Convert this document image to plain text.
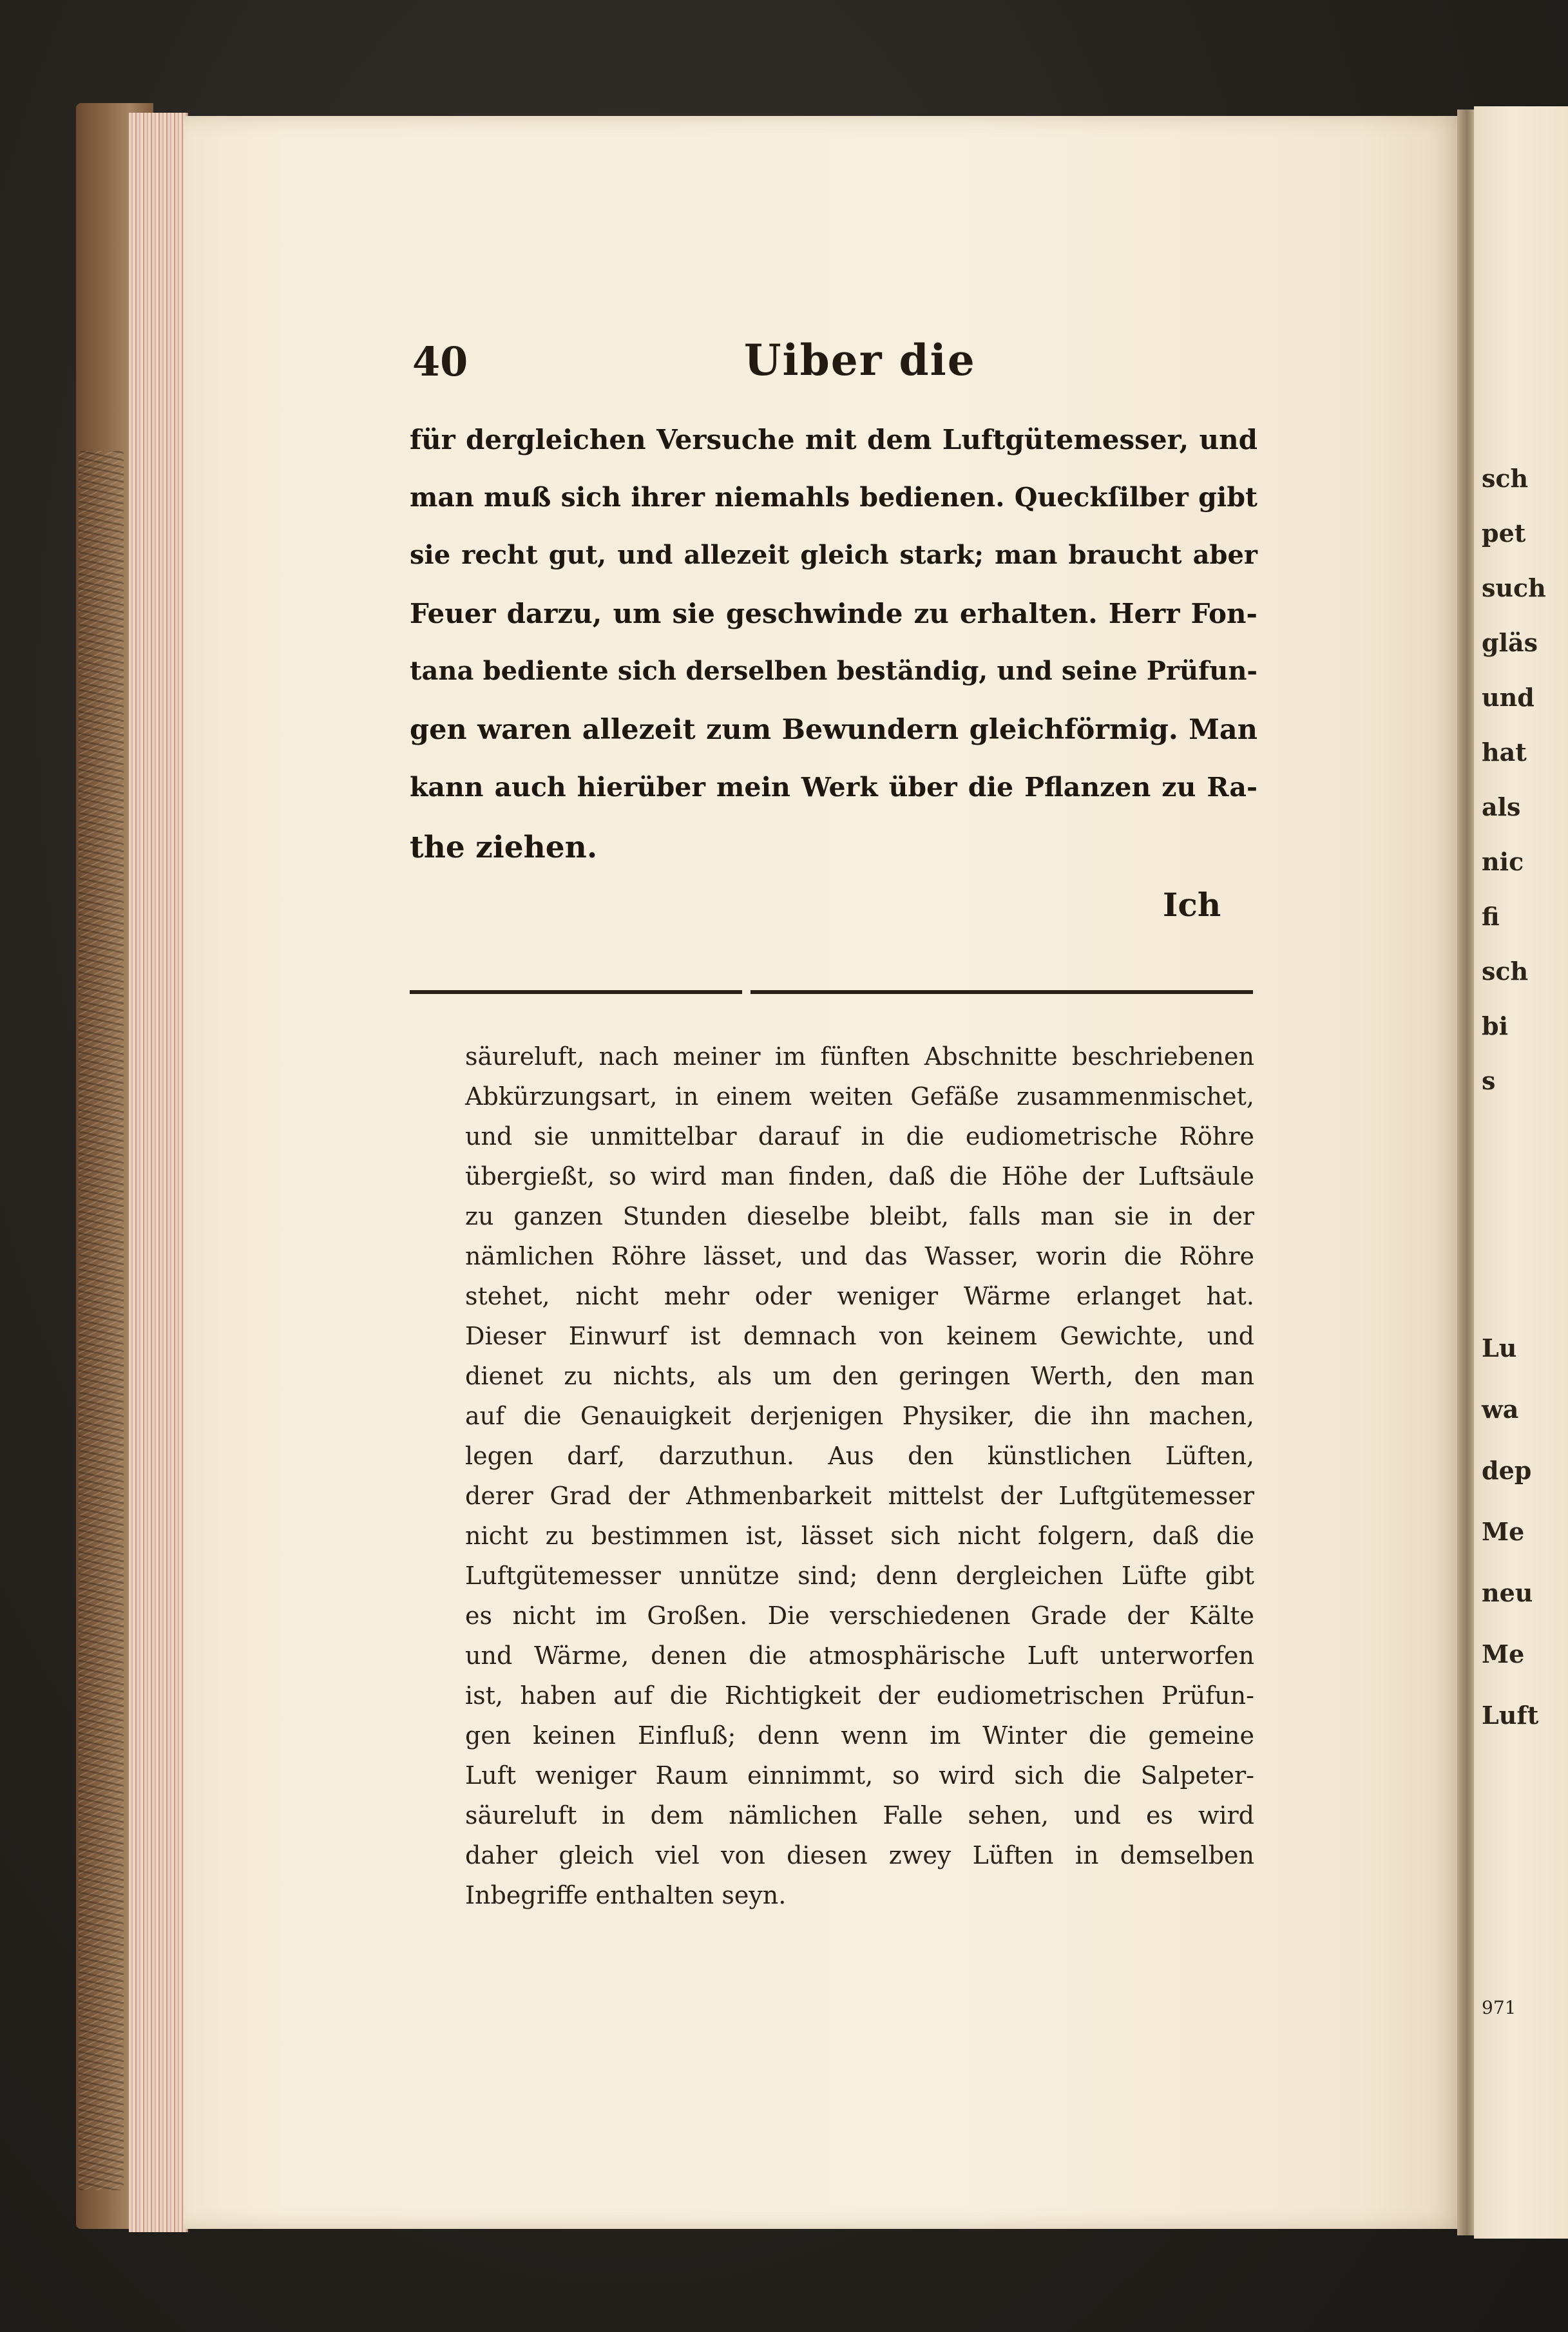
sch
pet
such
gläs
und
hat
als
nic
fi
sch
bi
s
Lu
wa
dep
Me
neu
Me
Luft
971
40	Uiber die
für dergleichen Versuche mit dem Luftgütemesser, und
man muß sich ihrer niemahls bedienen. Queckſilber gibt
sie recht gut, und allezeit gleich stark; man braucht aber
Feuer darzu, um sie geschwinde zu erhalten. Herr Fon-
tana bediente sich derselben beständig, und seine Prüfun-
gen waren allezeit zum Bewundern gleichförmig. Man
kann auch hierüber mein Werk über die Pflanzen zu Ra-
the ziehen.
Ich
säureluft, nach meiner im fünften Abschnitte beschriebenen
Abkürzungsart, in einem weiten Gefäße zusammenmischet,
und sie unmittelbar darauf in die eudiometrische Röhre
übergießt, so wird man finden, daß die Höhe der Luftsäule
zu ganzen Stunden dieselbe bleibt, falls man sie in der
nämlichen Röhre lässet, und das Wasser, worin die Röhre
stehet, nicht mehr oder weniger Wärme erlanget hat.
Dieser Einwurf ist demnach von keinem Gewichte, und
dienet zu nichts, als um den geringen Werth, den man
auf die Genauigkeit derjenigen Physiker, die ihn machen,
legen darf, darzuthun. Aus den künstlichen Lüften,
derer Grad der Athmenbarkeit mittelst der Luftgütemesser
nicht zu bestimmen ist, lässet sich nicht folgern, daß die
Luftgütemesser unnütze sind; denn dergleichen Lüfte gibt
es nicht im Großen. Die verschiedenen Grade der Kälte
und Wärme, denen die atmosphärische Luft unterworfen
ist, haben auf die Richtigkeit der eudiometrischen Prüfun-
gen keinen Einfluß; denn wenn im Winter die gemeine
Luft weniger Raum einnimmt, so wird sich die Salpeter-
säureluft in dem nämlichen Falle sehen, und es wird
daher gleich viel von diesen zwey Lüften in demselben
Inbegriffe enthalten seyn.
